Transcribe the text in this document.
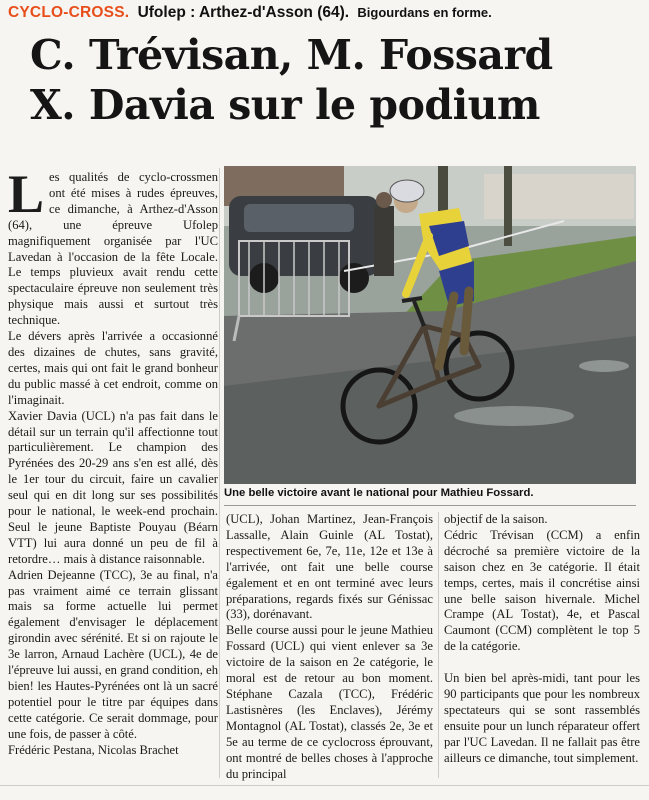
CYCLO-CROSS. Ufolep : Arthez-d'Asson (64). Bigourdans en forme.
C. Trévisan, M. Fossard
X. Davia sur le podium

Les qualités de cyclo-crossmen ont été mises à rudes épreuves, ce dimanche, à Arthez-d'Asson (64), une épreuve Ufolep magnifiquement organisée par l'UC Lavedan à l'occasion de la fête Locale. Le temps pluvieux avait rendu cette spectaculaire épreuve non seulement très physique mais aussi et surtout très technique.

Le dévers après l'arrivée a occasionné des dizaines de chutes, sans gravité, certes, mais qui ont fait le grand bonheur du public massé à cet endroit, comme on l'imaginait.

Xavier Davia (UCL) n'a pas fait dans le détail sur un terrain qu'il affectionne tout particulièrement. Le champion des Pyrénées des 20-29 ans s'en est allé, dès le 1er tour du circuit, faire un cavalier seul qui en dit long sur ses possibilités pour le national, le week-end prochain. Seul le jeune Baptiste Pouyau (Béarn VTT) lui aura donné un peu de fil à retordre… mais à distance raisonnable.

Adrien Dejeanne (TCC), 3e au final, n'a pas vraiment aimé ce terrain glissant mais sa forme actuelle lui permet également d'envisager le déplacement girondin avec sérénité. Et si on rajoute le 3e larron, Arnaud Lachère (UCL), 4e de l'épreuve lui aussi, en grand condition, eh bien! les Hautes-Pyrénées ont là un sacré potentiel pour le titre par équipes dans cette catégorie. Ce serait dommage, pour une fois, de passer à côté.

Frédéric Pestana, Nicolas Brachet

Une belle victoire avant le national pour Mathieu Fossard.

(UCL), Johan Martinez, Jean-François Lassalle, Alain Guinle (AL Tostat), respectivement 6e, 7e, 11e, 12e et 13e à l'arrivée, ont fait une belle course également et en ont terminé avec leurs préparations, regards fixés sur Génissac (33), dorénavant.

Belle course aussi pour le jeune Mathieu Fossard (UCL) qui vient enlever sa 3e victoire de la saison en 2e catégorie, le moral est de retour au bon moment. Stéphane Cazala (TCC), Frédéric Lastisnères (les Enclaves), Jérémy Montagnol (AL Tostat), classés 2e, 3e et 5e au terme de ce cyclocross éprouvant, ont montré de belles choses à l'approche du principal

objectif de la saison.

Cédric Trévisan (CCM) a enfin décroché sa première victoire de la saison chez en 3e catégorie. Il était temps, certes, mais il concrétise ainsi une belle saison hivernale. Michel Crampe (AL Tostat), 4e, et Pascal Caumont (CCM) complètent le top 5 de la catégorie.

Un bien bel après-midi, tant pour les 90 participants que pour les nombreux spectateurs qui se sont rassemblés ensuite pour un lunch réparateur offert par l'UC Lavedan. Il ne fallait pas être ailleurs ce dimanche, tout simplement.
